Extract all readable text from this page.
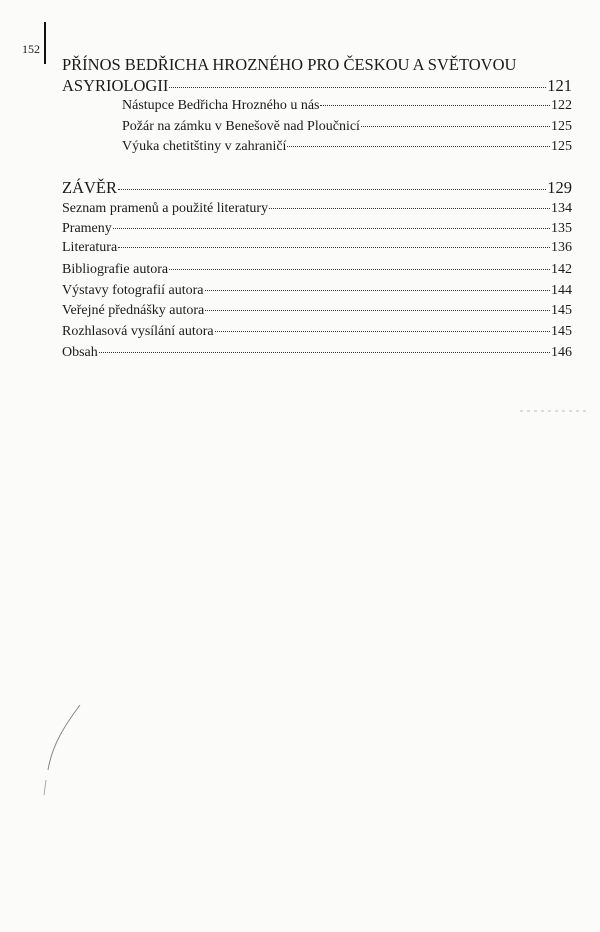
152
PŘÍNOS BEDŘICHA HROZNÉHO PRO ČESKOU A SVĚTOVOU
ASYRIOLOGII	121
Nástupce Bedřicha Hrozného u nás	122
Požár na zámku v Benešově nad Ploučnicí	125
Výuka chetitštiny v zahraničí	125
ZÁVĚR	129
Seznam pramenů a použité literatury	134
Prameny	135
Literatura	136
Bibliografie autora	142
Výstavy fotografií autora	144
Veřejné přednášky autora	145
Rozhlasová vysílání autora	145
Obsah	146
